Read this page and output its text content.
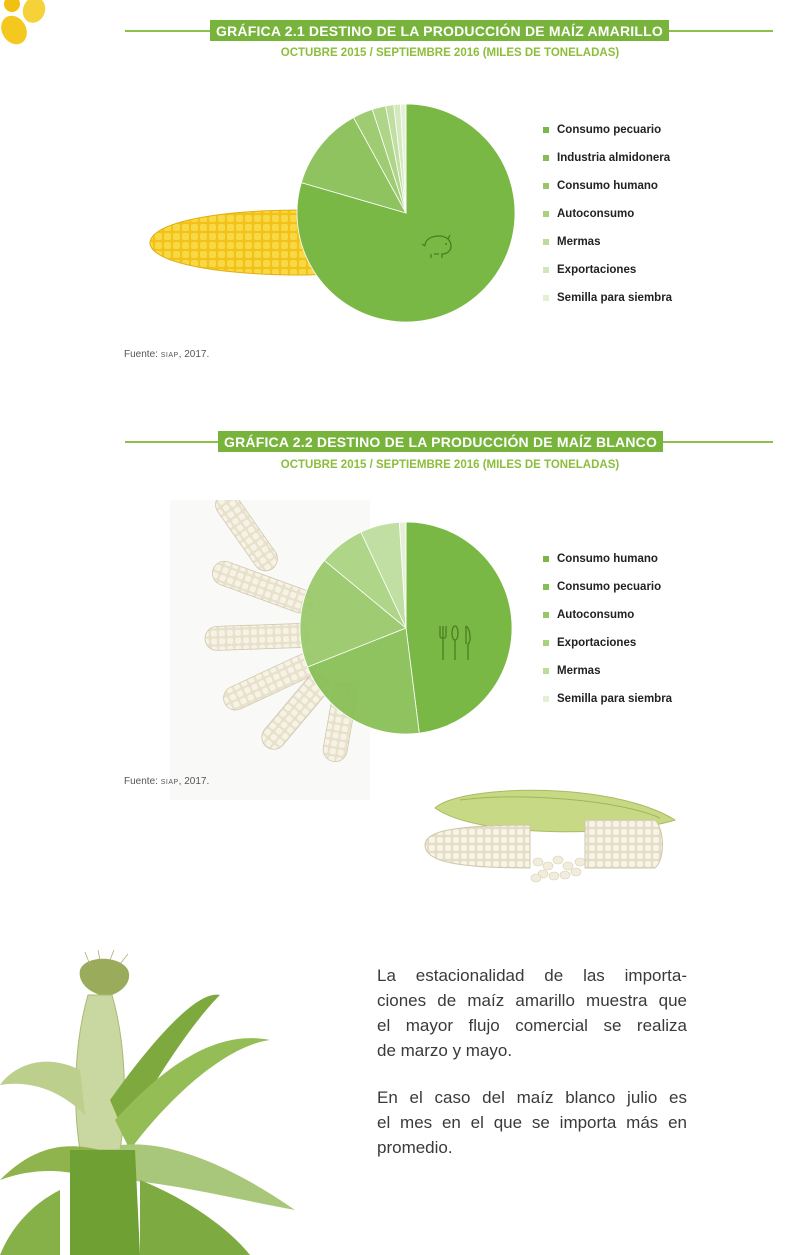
GRÁFICA 2.1 DESTINO DE LA PRODUCCIÓN DE MAÍZ AMARILLO
OCTUBRE 2015 / SEPTIEMBRE 2016 (MILES DE TONELADAS)
Consumo pecuario
Industria almidonera
Consumo humano
Autoconsumo
Mermas
Exportaciones
Semilla para siembra
Fuente: siap, 2017.
GRÁFICA 2.2 DESTINO DE LA PRODUCCIÓN DE MAÍZ BLANCO
OCTUBRE 2015 / SEPTIEMBRE 2016 (MILES DE TONELADAS)
Consumo humano
Consumo pecuario
Autoconsumo
Exportaciones
Mermas
Semilla para siembra
Fuente: siap, 2017.
La estacionalidad de las importa-
ciones de maíz amarillo muestra que
el mayor flujo comercial se realiza
de marzo y mayo.
En el caso del maíz blanco julio es
el mes en el que se importa más en
promedio.
